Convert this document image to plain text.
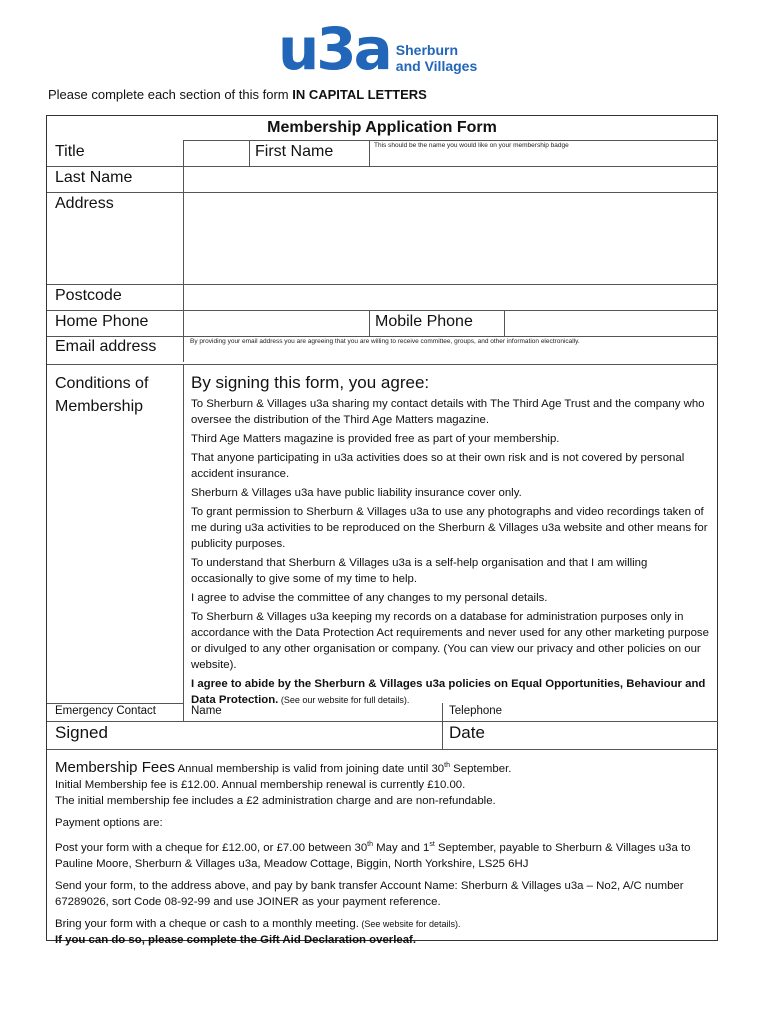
u3a Sherburn
and Villages
Please complete each section of this form IN CAPITAL LETTERS
Membership Application Form
Title	First Name	This should be the name you would like on your membership badge
Last Name
Address
Postcode
Home Phone	Mobile Phone
Email address	By providing your email address you are agreeing that you are willing to receive committee, groups, and other information electronically.
Conditions of
Membership
By signing this form, you agree:

To Sherburn & Villages u3a sharing my contact details with The Third Age Trust and the company who oversee the distribution of the Third Age Matters magazine.

Third Age Matters magazine is provided free as part of your membership.

That anyone participating in u3a activities does so at their own risk and is not covered by personal accident insurance.

Sherburn & Villages u3a have public liability insurance cover only.

To grant permission to Sherburn & Villages u3a to use any photographs and video recordings taken of me during u3a activities to be reproduced on the Sherburn & Villages u3a website and other means for publicity purposes.

To understand that Sherburn & Villages u3a is a self-help organisation and that I am willing occasionally to give some of my time to help.

I agree to advise the committee of any changes to my personal details.

To Sherburn & Villages u3a keeping my records on a database for administration purposes only in accordance with the Data Protection Act requirements and never used for any other marketing purpose or divulged to any other organisation or company. (You can view our privacy and other policies on our website).

I agree to abide by the Sherburn & Villages u3a policies on Equal Opportunities, Behaviour and Data Protection. (See our website for full details).

Emergency Contact	Name	Telephone
Signed	Date

Membership Fees Annual membership is valid from joining date until 30th September.

Initial Membership fee is £12.00. Annual membership renewal is currently £10.00.

The initial membership fee includes a £2 administration charge and are non-refundable.

Payment options are:

Post your form with a cheque for £12.00, or £7.00 between 30th May and 1st September, payable to Sherburn & Villages u3a to Pauline Moore, Sherburn & Villages u3a, Meadow Cottage, Biggin, North Yorkshire, LS25 6HJ

Send your form, to the address above, and pay by bank transfer Account Name: Sherburn & Villages u3a – No2, A/C number 67289026, sort Code 08-92-99 and use JOINER as your payment reference.

Bring your form with a cheque or cash to a monthly meeting. (See website for details).

If you can do so, please complete the Gift Aid Declaration overleaf.
